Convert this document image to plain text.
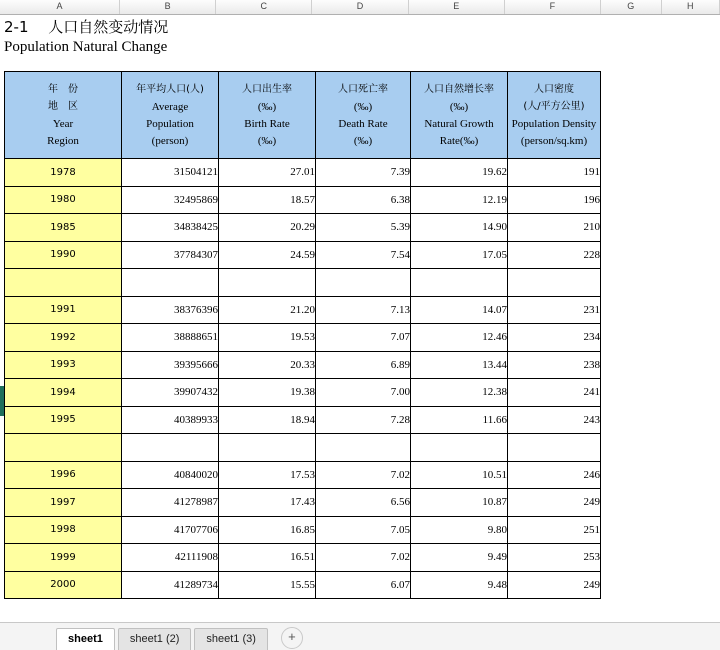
A	B	C	D	E	F	G	H
2-1　 人口自然变动情况
Population Natural Change
年　份
地　区
Year
Region

年平均人口(人)
Average
Population
(person)

人口出生率
(‰)
Birth Rate
(‰)

人口死亡率
(‰)
Death Rate
(‰)

人口自然增长率
(‰)
Natural Growth
Rate(‰)

人口密度
(人/平方公里)
Population Density
(person/sq.km)

1978	31504121	27.01	7.39	19.62	191
1980	32495869	18.57	6.38	12.19	196
1985	34838425	20.29	5.39	14.90	210
1990	37784307	24.59	7.54	17.05	228

1991	38376396	21.20	7.13	14.07	231
1992	38888651	19.53	7.07	12.46	234
1993	39395666	20.33	6.89	13.44	238
1994	39907432	19.38	7.00	12.38	241
1995	40389933	18.94	7.28	11.66	243

1996	40840020	17.53	7.02	10.51	246
1997	41278987	17.43	6.56	10.87	249
1998	41707706	16.85	7.05	9.80	251
1999	42111908	16.51	7.02	9.49	253
2000	41289734	15.55	6.07	9.48	249
sheet1	sheet1 (2)	sheet1 (3)	+
